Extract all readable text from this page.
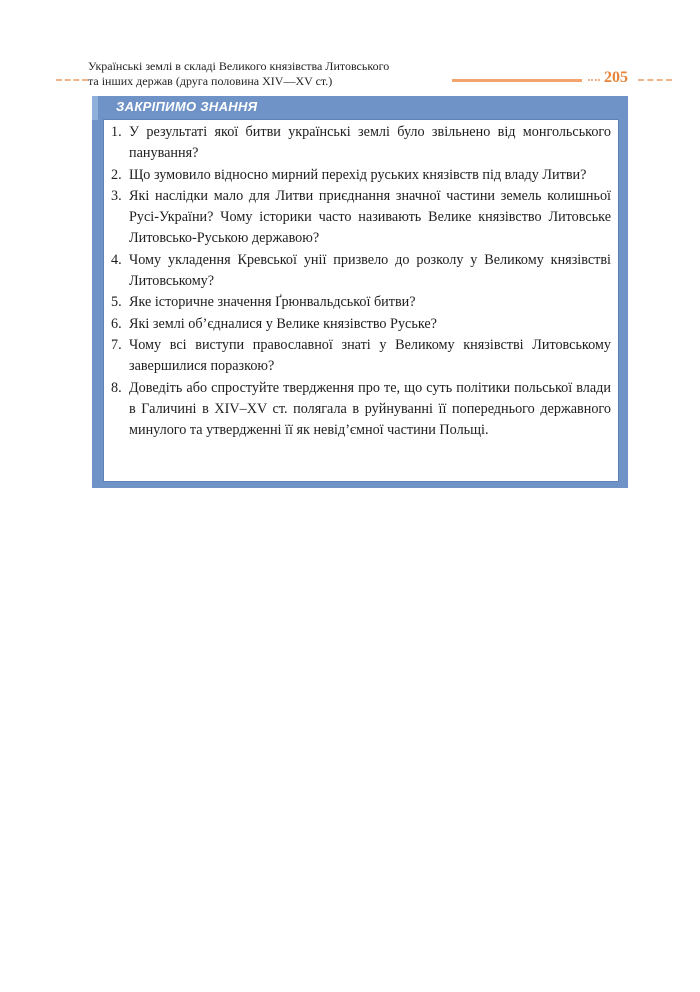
Українські землі в складі Великого князівства Литовського
та інших держав (друга половина XIV—XV ст.)	205
ЗАКРІПИМО ЗНАННЯ
1. У результаті якої битви українські землі було звільнено від монгольського панування?
2. Що зумовило відносно мирний перехід руських князівств під владу Литви?
3. Які наслідки мало для Литви приєднання значної частини земель колишньої Русі-України? Чому історики часто називають Велике князівство Литовське Литовсько-Руською державою?
4. Чому укладення Кревської унії призвело до розколу у Великому князівстві Литовському?
5. Яке історичне значення Ґрюнвальдської битви?
6. Які землі об’єдналися у Велике князівство Руське?
7. Чому всі виступи православної знаті у Великому князівстві Литовському завершилися поразкою?
8. Доведіть або спростуйте твердження про те, що суть політики польської влади в Галичині в XIV–XV ст. полягала в руйнуванні її попереднього державного минулого та утвердженні її як невід’ємної частини Польщі.
